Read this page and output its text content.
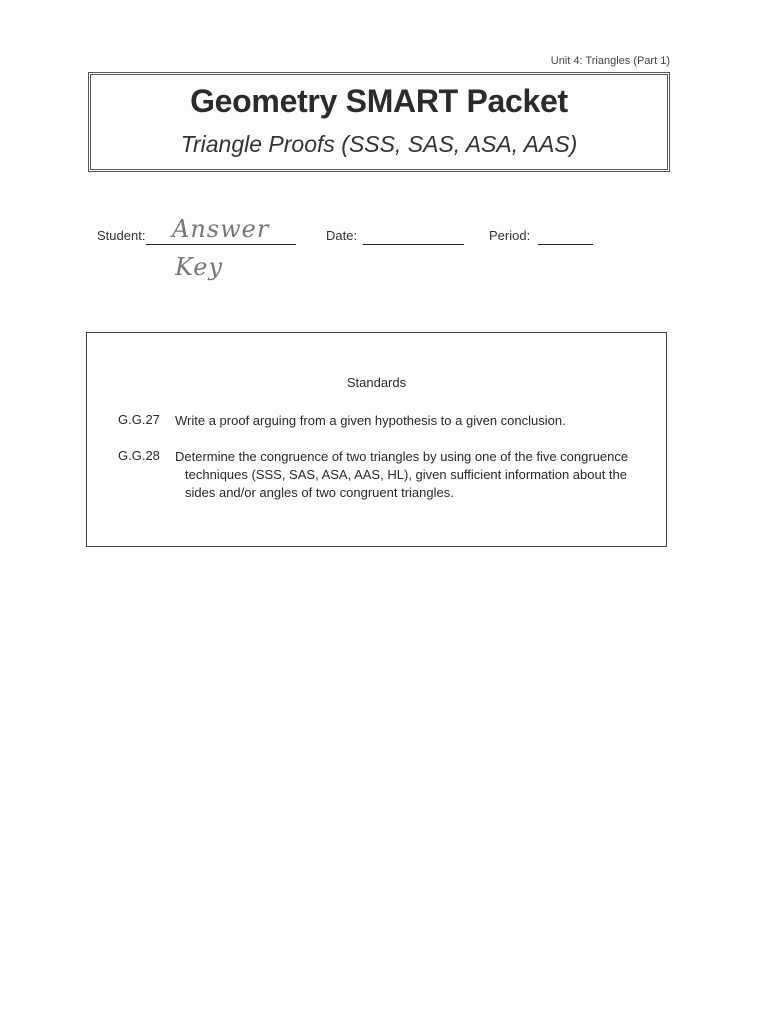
Unit 4: Triangles (Part 1)
Geometry SMART Packet
Triangle Proofs (SSS, SAS, ASA, AAS)
Student: Answer
Key
Date:	Period:
Standards
G.G.27 Write a proof arguing from a given hypothesis to a given conclusion.
G.G.28 Determine the congruence of two triangles by using one of the five congruence
techniques (SSS, SAS, ASA, AAS, HL), given sufficient information about the sides and/or angles of two congruent triangles.
